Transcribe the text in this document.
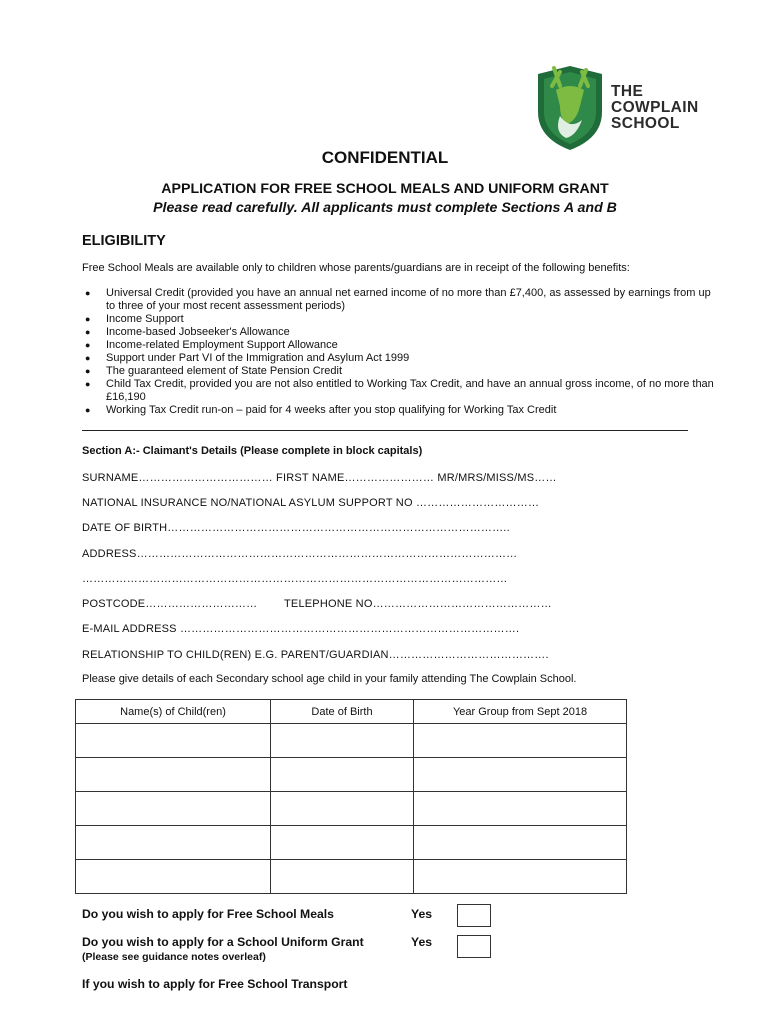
THE
COWPLAIN
SCHOOL
CONFIDENTIAL
APPLICATION FOR FREE SCHOOL MEALS AND UNIFORM GRANT
Please read carefully. All applicants must complete Sections A and B
ELIGIBILITY
Free School Meals are available only to children whose parents/guardians are in receipt of the following benefits:
● Universal Credit (provided you have an annual net earned income of no more than £7,400, as assessed by earnings from up to three of your most recent assessment periods)
● Income Support
● Income-based Jobseeker's Allowance
● Income-related Employment Support Allowance
● Support under Part VI of the Immigration and Asylum Act 1999
● The guaranteed element of State Pension Credit
● Child Tax Credit, provided you are not also entitled to Working Tax Credit, and have an annual gross income, of no more than £16,190
● Working Tax Credit run-on – paid for 4 weeks after you stop qualifying for Working Tax Credit
Section A:- Claimant's Details (Please complete in block capitals)
SURNAME……………………………… FIRST NAME…………………… MR/MRS/MISS/MS……
NATIONAL INSURANCE NO/NATIONAL ASYLUM SUPPORT NO ……………………………
DATE OF BIRTH………………………………………………………………………………..
ADDRESS…………………………………………………………………………………………
……………………………………………………………………………………………………
POSTCODE………………………… TELEPHONE NO…………………………………………
E-MAIL ADDRESS ……………………………………………………………………………….
RELATIONSHIP TO CHILD(REN) E.G. PARENT/GUARDIAN…………………………………….
Please give details of each Secondary school age child in your family attending The Cowplain School.
Name(s) of Child(ren)	Date of Birth	Year Group from Sept 2018

Do you wish to apply for Free School Meals	Yes
Do you wish to apply for a School Uniform Grant	Yes
(Please see guidance notes overleaf)
If you wish to apply for Free School Transport
